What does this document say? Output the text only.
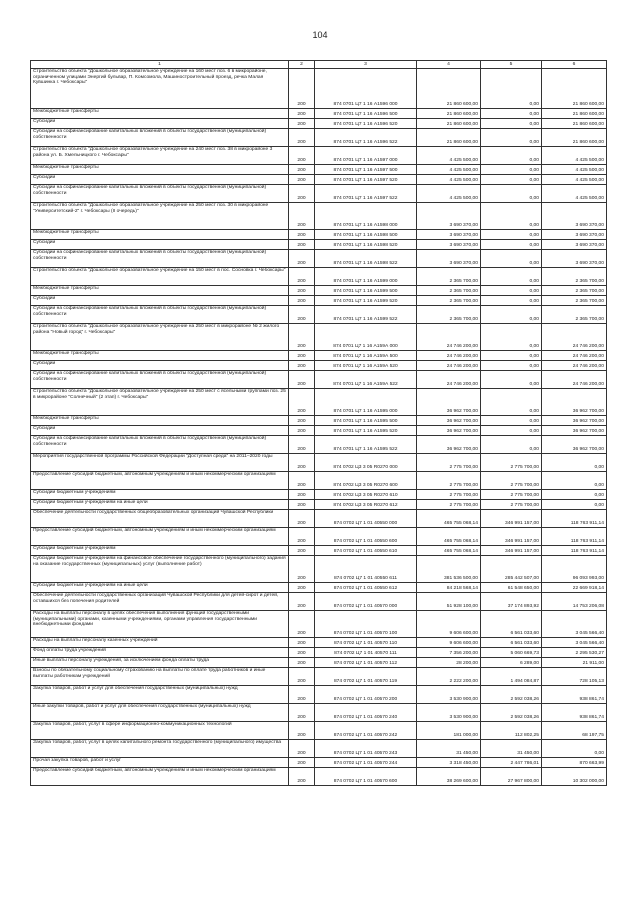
104
1	2	3	4	5	6
Строительство объекта "Дошкольное образовательное учреждение на 160 мест поз. 6 в микрорайоне, ограниченном улицами Энергий бульвар, П. Комсомола, Машиностроительный проезд, речка Малая Кувшинка г. Чебоксары"	200	874 0701 Ц7 1 16 А1596 000	21 860 600,00	0,00	21 860 600,00
Межбюджетные трансферты	200	874 0701 Ц7 1 16 А1596 500	21 860 600,00	0,00	21 860 600,00
Субсидии	200	874 0701 Ц7 1 16 А1596 520	21 860 600,00	0,00	21 860 600,00
Субсидии на софинансирование капитальных вложений в объекты государственной (муниципальной) собственности	200	874 0701 Ц7 1 16 А1596 522	21 860 600,00	0,00	21 860 600,00
Строительство объекта "Дошкольное образовательное учреждение на 240 мест поз. 38 в микрорайоне 3 района ул. Б. Хмельницкого г. Чебоксары"	200	874 0701 Ц7 1 16 А1597 000	4 425 500,00	0,00	4 425 500,00
Межбюджетные трансферты	200	874 0701 Ц7 1 16 А1597 500	4 425 500,00	0,00	4 425 500,00
Субсидии	200	874 0701 Ц7 1 16 А1597 520	4 425 500,00	0,00	4 425 500,00
Субсидии на софинансирование капитальных вложений в объекты государственной (муниципальной) собственности	200	874 0701 Ц7 1 16 А1597 522	4 425 500,00	0,00	4 425 500,00
Строительство объекта "Дошкольное образовательное учреждение на 250 мест поз. 30 в микрорайоне "Университетский-2" г. Чебоксары (II очередь)"	200	874 0701 Ц7 1 16 А1598 000	3 690 370,00	0,00	3 690 370,00
Межбюджетные трансферты	200	874 0701 Ц7 1 16 А1598 500	3 690 370,00	0,00	3 690 370,00
Субсидии	200	874 0701 Ц7 1 16 А1598 520	3 690 370,00	0,00	3 690 370,00
Субсидии на софинансирование капитальных вложений в объекты государственной (муниципальной) собственности	200	874 0701 Ц7 1 16 А1598 522	3 690 370,00	0,00	3 690 370,00
Строительство объекта "Дошкольное образовательное учреждение на 150 мест в пос. Сосновка г. Чебоксары"	200	874 0701 Ц7 1 16 А1599 000	2 365 700,00	0,00	2 365 700,00
Межбюджетные трансферты	200	874 0701 Ц7 1 16 А1599 500	2 365 700,00	0,00	2 365 700,00
Субсидии	200	874 0701 Ц7 1 16 А1599 520	2 365 700,00	0,00	2 365 700,00
Субсидии на софинансирование капитальных вложений в объекты государственной (муниципальной) собственности	200	874 0701 Ц7 1 16 А1599 522	2 365 700,00	0,00	2 365 700,00
Строительство объекта "Дошкольное образовательное учреждение на 250 мест в микрорайоне № 2 жилого района "Новый город" г. Чебоксары"	200	874 0701 Ц7 1 16 А159А 000	24 746 200,00	0,00	24 746 200,00
Межбюджетные трансферты	200	874 0701 Ц7 1 16 А159А 500	24 746 200,00	0,00	24 746 200,00
Субсидии	200	874 0701 Ц7 1 16 А159А 520	24 746 200,00	0,00	24 746 200,00
Субсидии на софинансирование капитальных вложений в объекты государственной (муниципальной) собственности	200	874 0701 Ц7 1 16 А159А 522	24 746 200,00	0,00	24 746 200,00
Строительство объекта "Дошкольное образовательное учреждение на 250 мест с ясельными группами поз. 25 в микрорайоне "Солнечный" (2 этап) г. Чебоксары"	200	874 0701 Ц7 1 16 А1595 000	36 962 700,00	0,00	36 962 700,00
Межбюджетные трансферты	200	874 0701 Ц7 1 16 А1595 500	36 962 700,00	0,00	36 962 700,00
Субсидии	200	874 0701 Ц7 1 16 А1595 520	36 962 700,00	0,00	36 962 700,00
Субсидии на софинансирование капитальных вложений в объекты государственной (муниципальной) собственности	200	874 0701 Ц7 1 16 А1595 522	36 962 700,00	0,00	36 962 700,00
Мероприятия государственной программы Российской Федерации "Доступная среда" на 2011–2020 годы	200	874 0702 Ц3 3 05 R0270 000	2 775 700,00	2 775 700,00	0,00
Предоставление субсидий бюджетным, автономным учреждениям и иным некоммерческим организациям	200	874 0702 Ц3 3 05 R0270 600	2 775 700,00	2 775 700,00	0,00
Субсидии бюджетным учреждениям	200	874 0702 Ц3 3 05 R0270 610	2 775 700,00	2 775 700,00	0,00
Субсидии бюджетным учреждениям на иные цели	200	874 0702 Ц3 3 05 R0270 612	2 775 700,00	2 775 700,00	0,00
Обеспечение деятельности государственных общеобразовательных организаций Чувашской Республики	200	874 0702 Ц7 1 01 40550 000	465 755 068,14	346 991 157,00	118 763 911,14
Предоставление субсидий бюджетным, автономным учреждениям и иным некоммерческим организациям	200	874 0702 Ц7 1 01 40550 600	465 755 068,14	346 991 157,00	118 763 911,14
Субсидии бюджетным учреждениям	200	874 0702 Ц7 1 01 40550 610	465 755 068,14	346 991 157,00	118 763 911,14
Субсидии бюджетным учреждениям на финансовое обеспечение государственного (муниципального) задания на оказание государственных (муниципальных) услуг (выполнение работ)	200	874 0702 Ц7 1 01 40550 611	381 536 500,00	285 442 507,00	96 093 993,00
Субсидии бюджетным учреждениям на иные цели	200	874 0702 Ц7 1 01 40550 612	84 218 568,14	61 548 650,00	22 669 918,14
Обеспечение деятельности государственных организаций Чувашской Республики для детей-сирот и детей, оставшихся без попечения родителей	200	874 0702 Ц7 1 01 40570 000	51 928 100,00	37 174 893,92	14 753 206,08
Расходы на выплаты персоналу в целях обеспечения выполнения функций государственными (муниципальными) органами, казенными учреждениями, органами управления государственными внебюджетными фондами	200	874 0702 Ц7 1 01 40570 100	9 606 600,00	6 561 033,60	3 045 566,40
Расходы на выплаты персоналу казенных учреждений	200	874 0702 Ц7 1 01 40570 110	9 606 600,00	6 561 033,60	3 045 566,40
Фонд оплаты труда учреждений	200	874 0702 Ц7 1 01 40570 111	7 356 200,00	5 060 669,73	2 295 530,27
Иные выплаты персоналу учреждений, за исключением фонда оплаты труда	200	874 0702 Ц7 1 01 40570 112	28 200,00	6 289,00	21 911,00
Взносы по обязательному социальному страхованию на выплаты по оплате труда работников и иные выплаты работникам учреждений	200	874 0702 Ц7 1 01 40570 119	2 222 200,00	1 494 084,87	728 105,13
Закупка товаров, работ и услуг для обеспечения государственных (муниципальных) нужд	200	874 0702 Ц7 1 01 40570 200	3 530 900,00	2 592 038,26	938 861,74
Иные закупки товаров, работ и услуг для обеспечения государственных (муниципальных) нужд	200	874 0702 Ц7 1 01 40570 240	3 530 900,00	2 592 038,26	938 861,74
Закупка товаров, работ, услуг в сфере информационно-коммуникационных технологий	200	874 0702 Ц7 1 01 40570 242	181 000,00	112 802,25	68 197,75
Закупка товаров, работ, услуг в целях капитального ремонта государственного (муниципального) имущества	200	874 0702 Ц7 1 01 40570 243	31 450,00	31 450,00	0,00
Прочая закупка товаров, работ и услуг	200	874 0702 Ц7 1 01 40570 244	3 318 450,00	2 447 786,01	870 663,99
Предоставление субсидий бюджетным, автономным учреждениям и иным некоммерческим организациям	200	874 0702 Ц7 1 01 40570 600	38 269 600,00	27 967 800,00	10 302 000,00
